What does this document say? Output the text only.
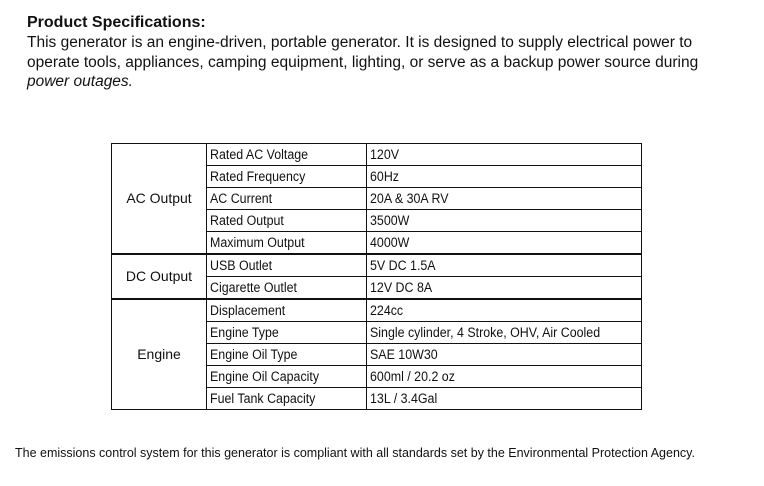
Product Specifications:
This generator is an engine-driven, portable generator. It is designed to supply electrical power to
operate tools, appliances, camping equipment, lighting, or serve as a backup power source during
power outages.
AC Output	Rated AC Voltage	120V
	Rated Frequency	60Hz
	AC Current	20A & 30A RV
	Rated Output	3500W
	Maximum Output	4000W
DC Output	USB Outlet	5V DC 1.5A
	Cigarette Outlet	12V DC 8A
Engine	Displacement	224cc
	Engine Type	Single cylinder, 4 Stroke, OHV, Air Cooled
	Engine Oil Type	SAE 10W30
	Engine Oil Capacity	600ml / 20.2 oz
	Fuel Tank Capacity	13L / 3.4Gal
The emissions control system for this generator is compliant with all standards set by the Environmental Protection Agency.
